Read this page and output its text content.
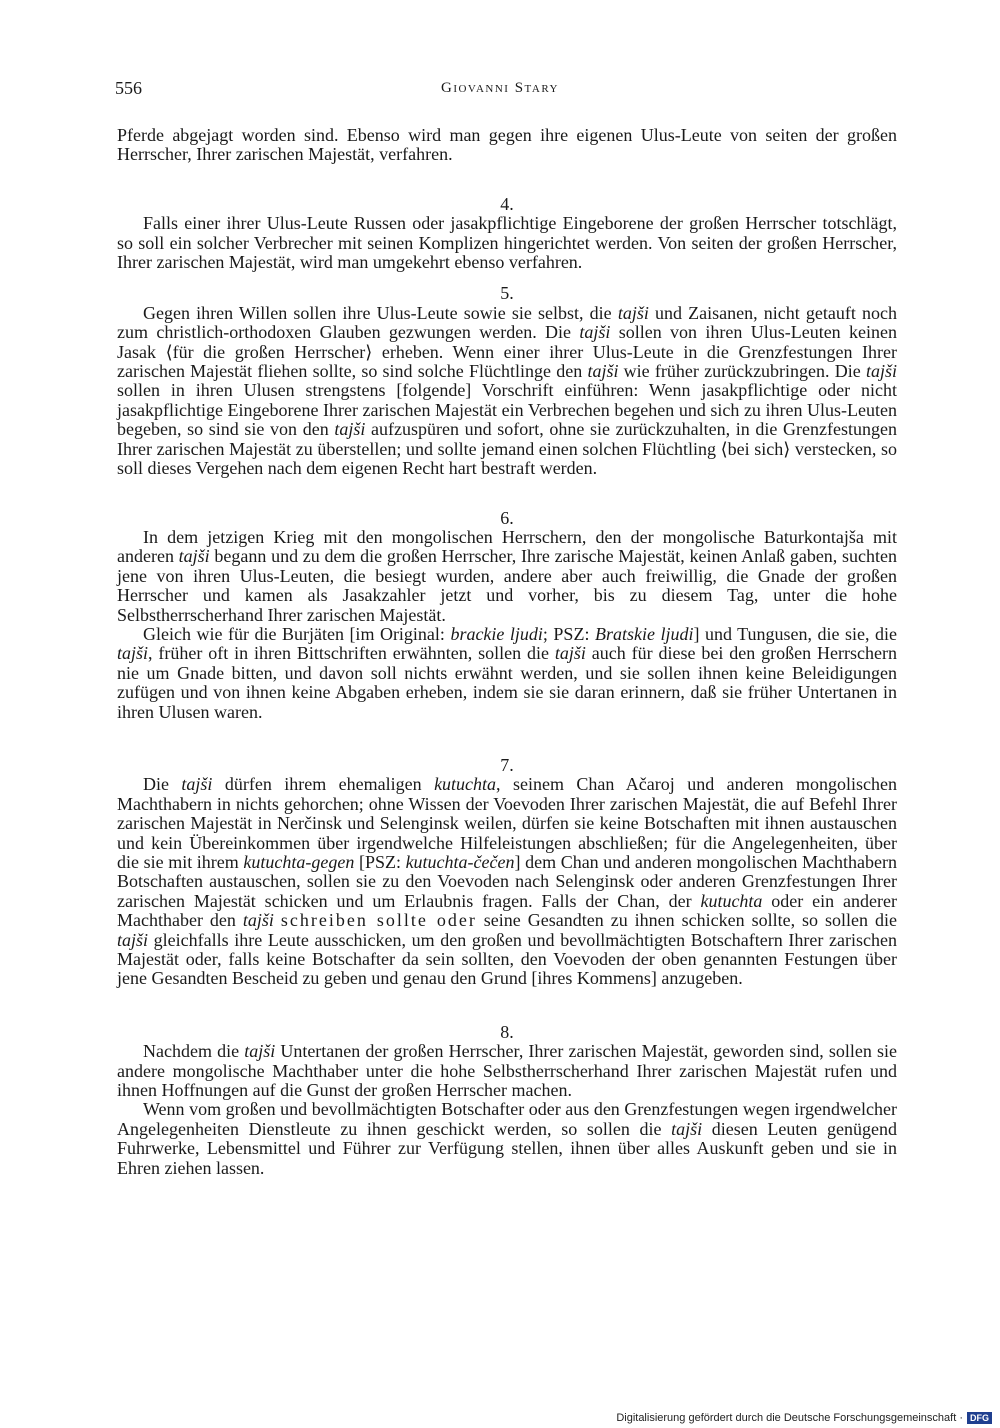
556	Giovanni Stary

Pferde abgejagt worden sind. Ebenso wird man gegen ihre eigenen Ulus-Leute von seiten der großen Herrscher, Ihrer zarischen Majestät, verfahren.

4.

Falls einer ihrer Ulus-Leute Russen oder jasakpflichtige Eingeborene der großen Herrscher totschlägt, so soll ein solcher Verbrecher mit seinen Komplizen hingerichtet werden. Von seiten der großen Herrscher, Ihrer zarischen Majestät, wird man umgekehrt ebenso verfahren.

5.

Gegen ihren Willen sollen ihre Ulus-Leute sowie sie selbst, die tajši und Zaisanen, nicht getauft noch zum christlich-orthodoxen Glauben gezwungen werden. Die tajši sollen von ihren Ulus-Leuten keinen Jasak ⟨für die großen Herrscher⟩ erheben. Wenn einer ihrer Ulus-Leute in die Grenzfestungen Ihrer zarischen Majestät fliehen sollte, so sind solche Flüchtlinge den tajši wie früher zurückzubringen. Die tajši sollen in ihren Ulusen strengstens [folgende] Vorschrift einführen: Wenn jasakpflichtige oder nicht jasakpflichtige Eingeborene Ihrer zarischen Majestät ein Verbrechen begehen und sich zu ihren Ulus-Leuten begeben, so sind sie von den tajši aufzuspüren und sofort, ohne sie zurückzuhalten, in die Grenzfestungen Ihrer zarischen Majestät zu überstellen; und sollte jemand einen solchen Flüchtling ⟨bei sich⟩ verstecken, so soll dieses Vergehen nach dem eigenen Recht hart bestraft werden.

6.

In dem jetzigen Krieg mit den mongolischen Herrschern, den der mongolische Baturkontajša mit anderen tajši begann und zu dem die großen Herrscher, Ihre zarische Majestät, keinen Anlaß gaben, suchten jene von ihren Ulus-Leuten, die besiegt wurden, andere aber auch freiwillig, die Gnade der großen Herrscher und kamen als Jasakzahler jetzt und vorher, bis zu diesem Tag, unter die hohe Selbstherrscherhand Ihrer zarischen Majestät.

Gleich wie für die Burjäten [im Original: brackie ljudi; PSZ: Bratskie ljudi] und Tungusen, die sie, die tajši, früher oft in ihren Bittschriften erwähnten, sollen die tajši auch für diese bei den großen Herrschern nie um Gnade bitten, und davon soll nichts erwähnt werden, und sie sollen ihnen keine Beleidigungen zufügen und von ihnen keine Abgaben erheben, indem sie sie daran erinnern, daß sie früher Untertanen in ihren Ulusen waren.

7.

Die tajši dürfen ihrem ehemaligen kutuchta, seinem Chan Ačaroj und anderen mongolischen Machthabern in nichts gehorchen; ohne Wissen der Voevoden Ihrer zarischen Majestät, die auf Befehl Ihrer zarischen Majestät in Nerčinsk und Selenginsk weilen, dürfen sie keine Botschaften mit ihnen austauschen und kein Übereinkommen über irgendwelche Hilfeleistungen abschließen; für die Angelegenheiten, über die sie mit ihrem kutuchta-gegen [PSZ: kutuchta-čečen] dem Chan und anderen mongolischen Machthabern Botschaften austauschen, sollen sie zu den Voevoden nach Selenginsk oder anderen Grenzfestungen Ihrer zarischen Majestät schicken und um Erlaubnis fragen. Falls der Chan, der kutuchta oder ein anderer Machthaber den tajši schreiben sollte oder seine Gesandten zu ihnen schicken sollte, so sollen die tajši gleichfalls ihre Leute ausschicken, um den großen und bevollmächtigten Botschaftern Ihrer zarischen Majestät oder, falls keine Botschafter da sein sollten, den Voevoden der oben genannten Festungen über jene Gesandten Bescheid zu geben und genau den Grund [ihres Kommens] anzugeben.

8.

Nachdem die tajši Untertanen der großen Herrscher, Ihrer zarischen Majestät, geworden sind, sollen sie andere mongolische Machthaber unter die hohe Selbstherrscherhand Ihrer zarischen Majestät rufen und ihnen Hoffnungen auf die Gunst der großen Herrscher machen.

Wenn vom großen und bevollmächtigten Botschafter oder aus den Grenzfestungen wegen irgendwelcher Angelegenheiten Dienstleute zu ihnen geschickt werden, so sollen die tajši diesen Leuten genügend Fuhrwerke, Lebensmittel und Führer zur Verfügung stellen, ihnen über alles Auskunft geben und sie in Ehren ziehen lassen.

Digitalisierung gefördert durch die Deutsche Forschungsgemeinschaft · DFG
